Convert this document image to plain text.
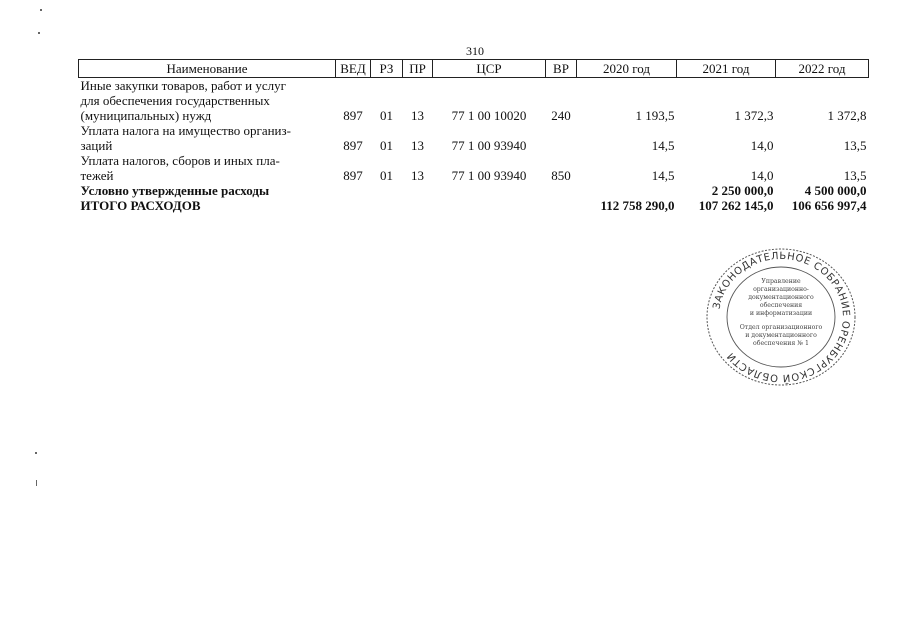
310
Наименование	ВЕД	РЗ	ПР	ЦСР	ВР	2020 год	2021 год	2022 год

Иные закупки товаров, работ и услуг
для обеспечения государственных
(муниципальных) нужд	897	01	13	77 1 00 10020	240	1 193,5	1 372,3	1 372,8

Уплата налога на имущество организ-
заций	897	01	13	77 1 00 93940		14,5	14,0	13,5

Уплата налогов, сборов и иных пла-
тежей	897	01	13	77 1 00 93940	850	14,5	14,0	13,5
Условно утвержденные расходы							2 250 000,0	4 500 000,0
ИТОГО РАСХОДОВ						112 758 290,0	107 262 145,0	106 656 997,4
ЗАКОНОДАТЕЛЬНОЕ СОБРАНИЕ ОРЕНБУРГСКОЙ ОБЛАСТИ
Управление
организационно-
документационного
обеспечения
и информатизации
Отдел организационного
и документационного
обеспечения № 1
